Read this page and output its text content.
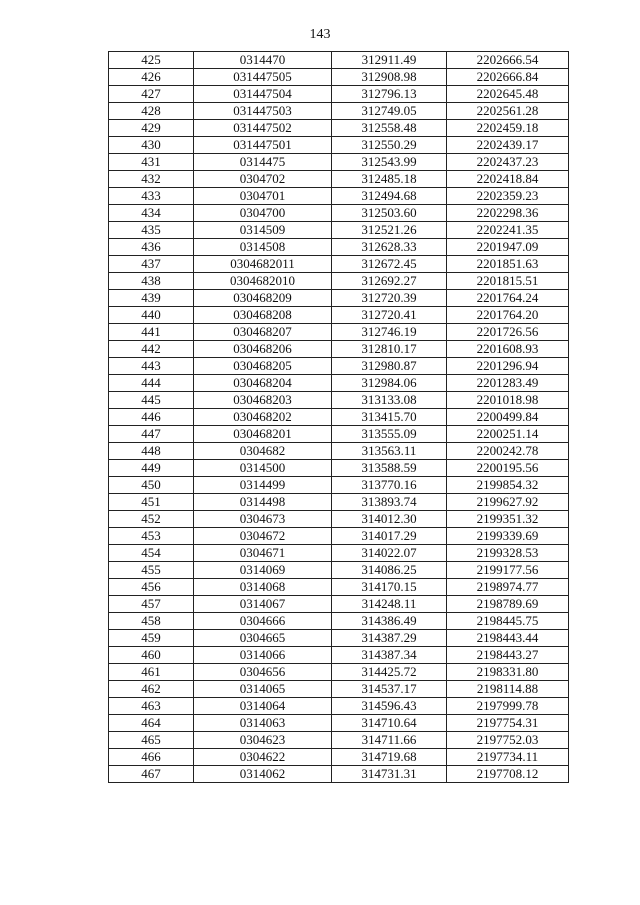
143
425	0314470	312911.49	2202666.54
426	031447505	312908.98	2202666.84
427	031447504	312796.13	2202645.48
428	031447503	312749.05	2202561.28
429	031447502	312558.48	2202459.18
430	031447501	312550.29	2202439.17
431	0314475	312543.99	2202437.23
432	0304702	312485.18	2202418.84
433	0304701	312494.68	2202359.23
434	0304700	312503.60	2202298.36
435	0314509	312521.26	2202241.35
436	0314508	312628.33	2201947.09
437	0304682011	312672.45	2201851.63
438	0304682010	312692.27	2201815.51
439	030468209	312720.39	2201764.24
440	030468208	312720.41	2201764.20
441	030468207	312746.19	2201726.56
442	030468206	312810.17	2201608.93
443	030468205	312980.87	2201296.94
444	030468204	312984.06	2201283.49
445	030468203	313133.08	2201018.98
446	030468202	313415.70	2200499.84
447	030468201	313555.09	2200251.14
448	0304682	313563.11	2200242.78
449	0314500	313588.59	2200195.56
450	0314499	313770.16	2199854.32
451	0314498	313893.74	2199627.92
452	0304673	314012.30	2199351.32
453	0304672	314017.29	2199339.69
454	0304671	314022.07	2199328.53
455	0314069	314086.25	2199177.56
456	0314068	314170.15	2198974.77
457	0314067	314248.11	2198789.69
458	0304666	314386.49	2198445.75
459	0304665	314387.29	2198443.44
460	0314066	314387.34	2198443.27
461	0304656	314425.72	2198331.80
462	0314065	314537.17	2198114.88
463	0314064	314596.43	2197999.78
464	0314063	314710.64	2197754.31
465	0304623	314711.66	2197752.03
466	0304622	314719.68	2197734.11
467	0314062	314731.31	2197708.12
